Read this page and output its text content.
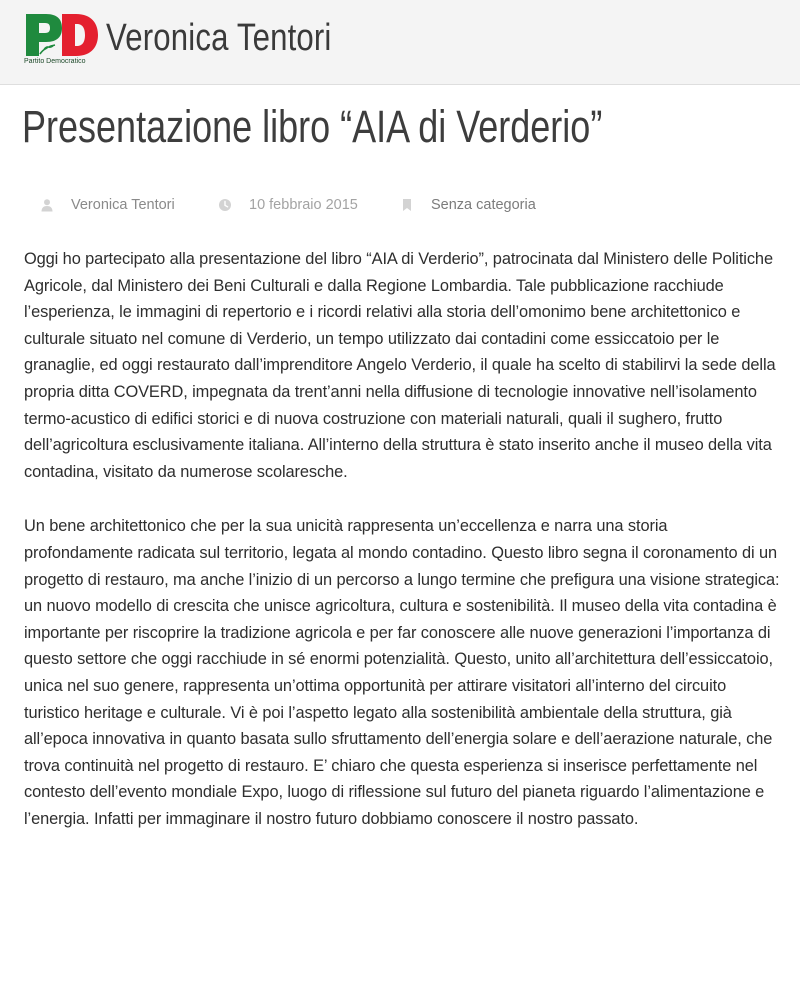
Partito Democratico
Veronica Tentori
Presentazione libro “AIA di Verderio”
Veronica Tentori	10 febbraio 2015	Senza categoria

Oggi ho partecipato alla presentazione del libro “AIA di Verderio”, patrocinata dal Ministero delle Politiche Agricole, dal Ministero dei Beni Culturali e dalla Regione Lombardia. Tale pubblicazione racchiude l’esperienza, le immagini di repertorio e i ricordi relativi alla storia dell’omonimo bene architettonico e culturale situato nel comune di Verderio, un tempo utilizzato dai contadini come essiccatoio per le granaglie, ed oggi restaurato dall’imprenditore Angelo Verderio, il quale ha scelto di stabilirvi la sede della propria ditta COVERD, impegnata da trent’anni nella diffusione di tecnologie innovative nell’isolamento termo-acustico di edifici storici e di nuova costruzione con materiali naturali, quali il sughero, frutto dell’agricoltura esclusivamente italiana. All’interno della struttura è stato inserito anche il museo della vita contadina, visitato da numerose scolaresche.

Un bene architettonico che per la sua unicità rappresenta un’eccellenza e narra una storia profondamente radicata sul territorio, legata al mondo contadino. Questo libro segna il coronamento di un progetto di restauro, ma anche l’inizio di un percorso a lungo termine che prefigura una visione strategica: un nuovo modello di crescita che unisce agricoltura, cultura e sostenibilità. Il museo della vita contadina è importante per riscoprire la tradizione agricola e per far conoscere alle nuove generazioni l’importanza di questo settore che oggi racchiude in sé enormi potenzialità. Questo, unito all’architettura dell’essiccatoio, unica nel suo genere, rappresenta un’ottima opportunità per attirare visitatori all’interno del circuito turistico heritage e culturale. Vi è poi l’aspetto legato alla sostenibilità ambientale della struttura, già all’epoca innovativa in quanto basata sullo sfruttamento dell’energia solare e dell’aerazione naturale, che trova continuità nel progetto di restauro. E’ chiaro che questa esperienza si inserisce perfettamente nel contesto dell’evento mondiale Expo, luogo di riflessione sul futuro del pianeta riguardo l’alimentazione e l’energia. Infatti per immaginare il nostro futuro dobbiamo conoscere il nostro passato.
